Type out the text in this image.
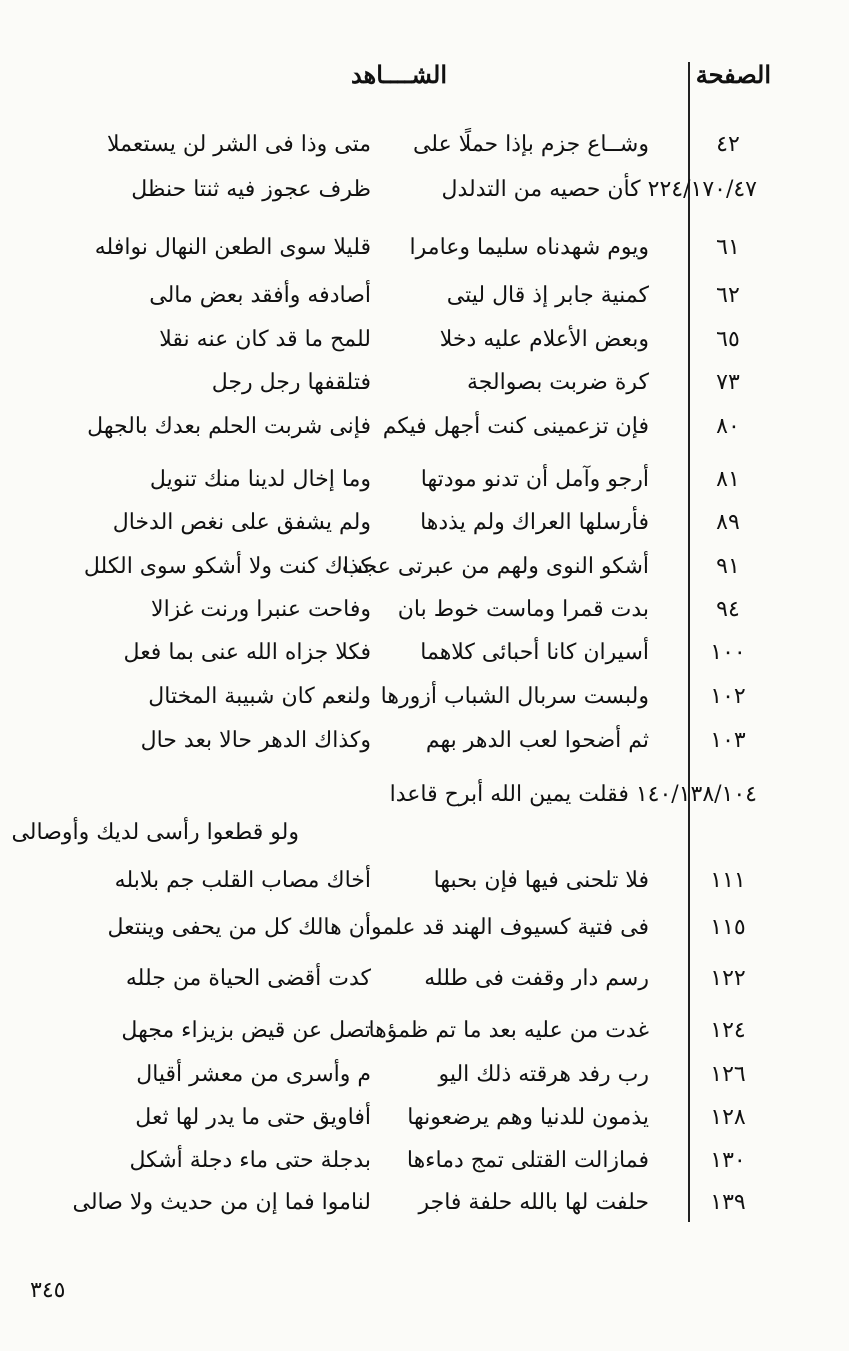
الصفحة
الشــــاهد
٤٢
وشــاع جزم بإذا حملًا على
متى وذا فى الشر لن يستعملا
٢٢٤/١٧٠/٤٧ كأن حصيه من التدلدل
ظرف عجوز فيه ثنتا حنظل
٦١
ويوم شهدناه سليما وعامرا
قليلا سوى الطعن النهال نوافله
٦٢
كمنية جابر إذ قال ليتى
أصادفه وأفقد بعض مالى
٦٥
وبعض الأعلام عليه دخلا
للمح ما قد كان عنه نقلا
٧٣
كرة ضربت بصوالجة
فتلقفها رجل رجل
٨٠
فإن تزعمينى كنت أجهل فيكم
فإنى شربت الحلم بعدك بالجهل
٨١
أرجو وآمل أن تدنو مودتها
وما إخال لدينا منك تنويل
٨٩
فأرسلها العراك ولم يذدها
ولم يشفق على نغص الدخال
٩١
أشكو النوى ولهم من عبرتى عجب
كذاك كنت ولا أشكو سوى الكلل
٩٤
بدت قمرا وماست خوط بان
وفاحت عنبرا ورنت غزالا
١٠٠
أسيران كانا أحبائى كلاهما
فكلا جزاه الله عنى بما فعل
١٠٢
ولبست سربال الشباب أزورها
ولنعم كان شبيبة المختال
١٠٣
ثم أضحوا لعب الدهر بهم
وكذاك الدهر حالا بعد حال
١٤٠/١٣٨/١٠٤ فقلت يمين الله أبرح قاعدا
ولو قطعوا رأسى لديك وأوصالى
١١١
فلا تلحنى فيها فإن بحبها
أخاك مصاب القلب جم بلابله
١١٥
فى فتية كسيوف الهند قد علموا
أن هالك كل من يحفى وينتعل
١٢٢
رسم دار وقفت فى طلله
كدت أقضى الحياة من جلله
١٢٤
غدت من عليه بعد ما تم ظمؤها
تصل عن قيض بزيزاء مجهل
١٢٦
رب رفد هرقته ذلك اليو
م وأسرى من معشر أقيال
١٢٨
يذمون للدنيا وهم يرضعونها
أفاويق حتى ما يدر لها ثعل
١٣٠
فمازالت القتلى تمج دماءها
بدجلة حتى ماء دجلة أشكل
١٣٩
حلفت لها بالله حلفة فاجر
لناموا فما إن من حديث ولا صالى
٣٤٥
